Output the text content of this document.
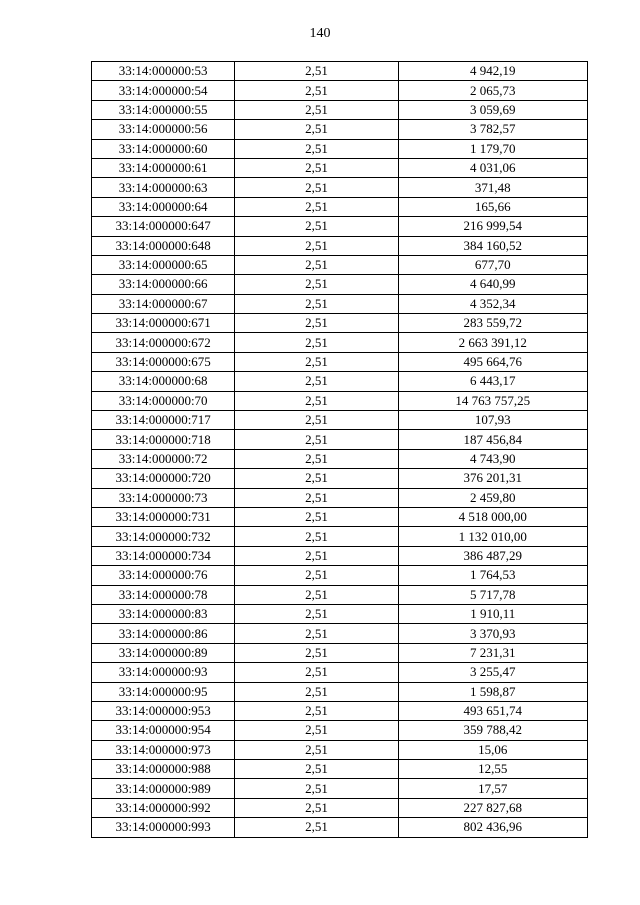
140
33:14:000000:53	2,51	4 942,19
33:14:000000:54	2,51	2 065,73
33:14:000000:55	2,51	3 059,69
33:14:000000:56	2,51	3 782,57
33:14:000000:60	2,51	1 179,70
33:14:000000:61	2,51	4 031,06
33:14:000000:63	2,51	371,48
33:14:000000:64	2,51	165,66
33:14:000000:647	2,51	216 999,54
33:14:000000:648	2,51	384 160,52
33:14:000000:65	2,51	677,70
33:14:000000:66	2,51	4 640,99
33:14:000000:67	2,51	4 352,34
33:14:000000:671	2,51	283 559,72
33:14:000000:672	2,51	2 663 391,12
33:14:000000:675	2,51	495 664,76
33:14:000000:68	2,51	6 443,17
33:14:000000:70	2,51	14 763 757,25
33:14:000000:717	2,51	107,93
33:14:000000:718	2,51	187 456,84
33:14:000000:72	2,51	4 743,90
33:14:000000:720	2,51	376 201,31
33:14:000000:73	2,51	2 459,80
33:14:000000:731	2,51	4 518 000,00
33:14:000000:732	2,51	1 132 010,00
33:14:000000:734	2,51	386 487,29
33:14:000000:76	2,51	1 764,53
33:14:000000:78	2,51	5 717,78
33:14:000000:83	2,51	1 910,11
33:14:000000:86	2,51	3 370,93
33:14:000000:89	2,51	7 231,31
33:14:000000:93	2,51	3 255,47
33:14:000000:95	2,51	1 598,87
33:14:000000:953	2,51	493 651,74
33:14:000000:954	2,51	359 788,42
33:14:000000:973	2,51	15,06
33:14:000000:988	2,51	12,55
33:14:000000:989	2,51	17,57
33:14:000000:992	2,51	227 827,68
33:14:000000:993	2,51	802 436,96
